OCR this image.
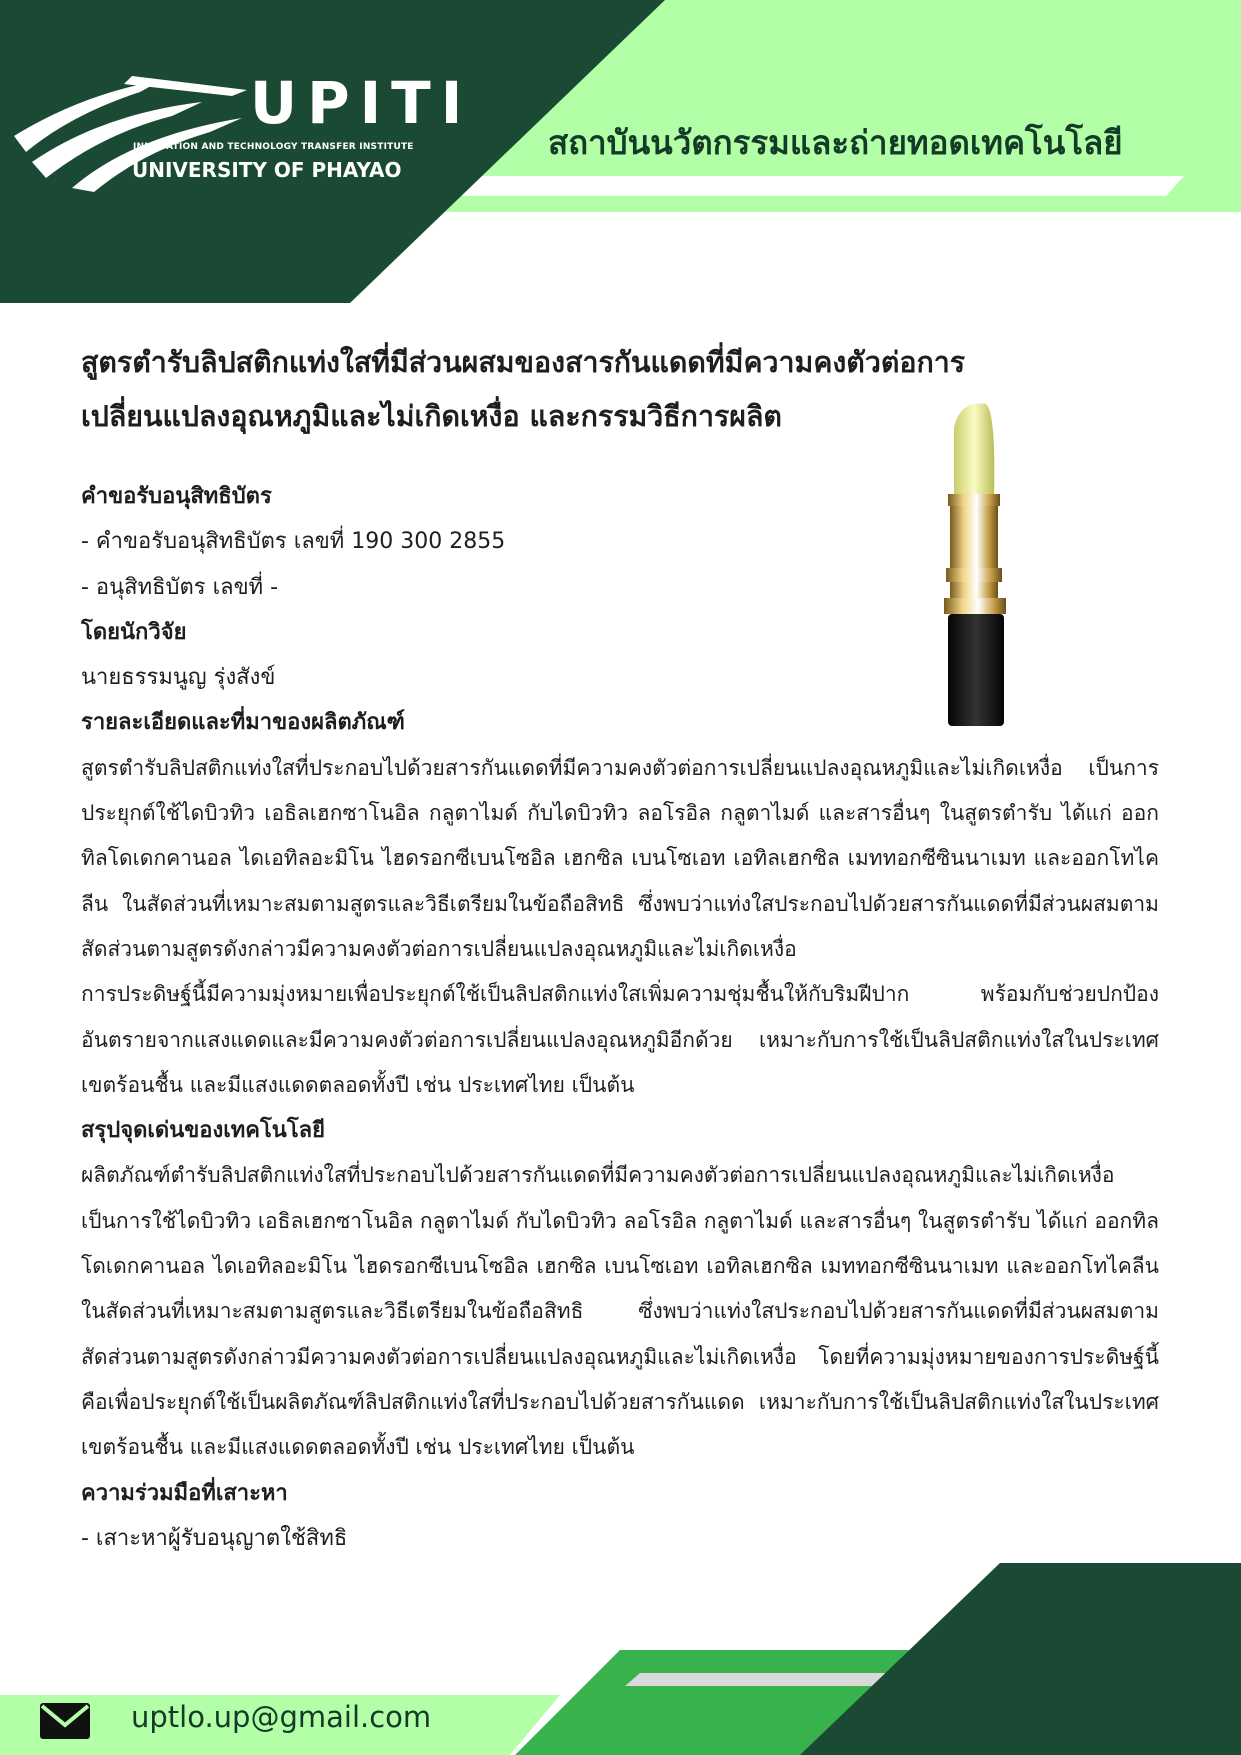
UPITI
INNOVATION AND TECHNOLOGY TRANSFER INSTITUTE
UNIVERSITY OF PHAYAO
สถาบันนวัตกรรมและถ่ายทอดเทคโนโลยี
สูตรตำรับลิปสติกแท่งใสที่มีส่วนผสมของสารกันแดดที่มีความคงตัวต่อการ
เปลี่ยนแปลงอุณหภูมิและไม่เกิดเหงื่อ และกรรมวิธีการผลิต
คำขอรับอนุสิทธิบัตร
- คำขอรับอนุสิทธิบัตร เลขที่ 190 300 2855
- อนุสิทธิบัตร เลขที่ -
โดยนักวิจัย
นายธรรมนูญ รุ่งสังข์
รายละเอียดและที่มาของผลิตภัณฑ์

สูตรตำรับลิปสติกแท่งใสที่ประกอบไปด้วยสารกันแดดที่มีความคงตัวต่อการเปลี่ยนแปลงอุณหภูมิและไม่เกิดเหงื่อ เป็นการประยุกต์ใช้ไดบิวทิว เอธิลเฮกซาโนอิล กลูตาไมด์ กับไดบิวทิว ลอโรอิล กลูตาไมด์ และสารอื่นๆ ในสูตรตำรับ ได้แก่ ออกทิลโดเดกคานอล ไดเอทิลอะมิโน ไฮดรอกซีเบนโซอิล เฮกซิล เบนโซเอท เอทิลเฮกซิล เมททอกซีซินนาเมท และออกโทไคลีน ในสัดส่วนที่เหมาะสมตามสูตรและวิธีเตรียมในข้อถือสิทธิ ซึ่งพบว่าแท่งใสประกอบไปด้วยสารกันแดดที่มีส่วนผสมตามสัดส่วนตามสูตรดังกล่าวมีความคงตัวต่อการเปลี่ยนแปลงอุณหภูมิและไม่เกิดเหงื่อ

การประดิษฐ์นี้มีความมุ่งหมายเพื่อประยุกต์ใช้เป็นลิปสติกแท่งใสเพิ่มความชุ่มชื้นให้กับริมฝีปาก พร้อมกับช่วยปกป้องอันตรายจากแสงแดดและมีความคงตัวต่อการเปลี่ยนแปลงอุณหภูมิอีกด้วย เหมาะกับการใช้เป็นลิปสติกแท่งใสในประเทศเขตร้อนชื้น และมีแสงแดดตลอดทั้งปี เช่น ประเทศไทย เป็นต้น

สรุปจุดเด่นของเทคโนโลยี

ผลิตภัณฑ์ตำรับลิปสติกแท่งใสที่ประกอบไปด้วยสารกันแดดที่มีความคงตัวต่อการเปลี่ยนแปลงอุณหภูมิและไม่เกิดเหงื่อ เป็นการใช้ไดบิวทิว เอธิลเฮกซาโนอิล กลูตาไมด์ กับไดบิวทิว ลอโรอิล กลูตาไมด์ และสารอื่นๆ ในสูตรตำรับ ได้แก่ ออกทิลโดเดกคานอล ไดเอทิลอะมิโน ไฮดรอกซีเบนโซอิล เฮกซิล เบนโซเอท เอทิลเฮกซิล เมททอกซีซินนาเมท และออกโทไคลีน ในสัดส่วนที่เหมาะสมตามสูตรและวิธีเตรียมในข้อถือสิทธิ ซึ่งพบว่าแท่งใสประกอบไปด้วยสารกันแดดที่มีส่วนผสมตามสัดส่วนตามสูตรดังกล่าวมีความคงตัวต่อการเปลี่ยนแปลงอุณหภูมิและไม่เกิดเหงื่อ โดยที่ความมุ่งหมายของการประดิษฐ์นี้คือเพื่อประยุกต์ใช้เป็นผลิตภัณฑ์ลิปสติกแท่งใสที่ประกอบไปด้วยสารกันแดด เหมาะกับการใช้เป็นลิปสติกแท่งใสในประเทศเขตร้อนชื้น และมีแสงแดดตลอดทั้งปี เช่น ประเทศไทย เป็นต้น

ความร่วมมือที่เสาะหา
- เสาะหาผู้รับอนุญาตใช้สิทธิ
uptlo.up@gmail.com
